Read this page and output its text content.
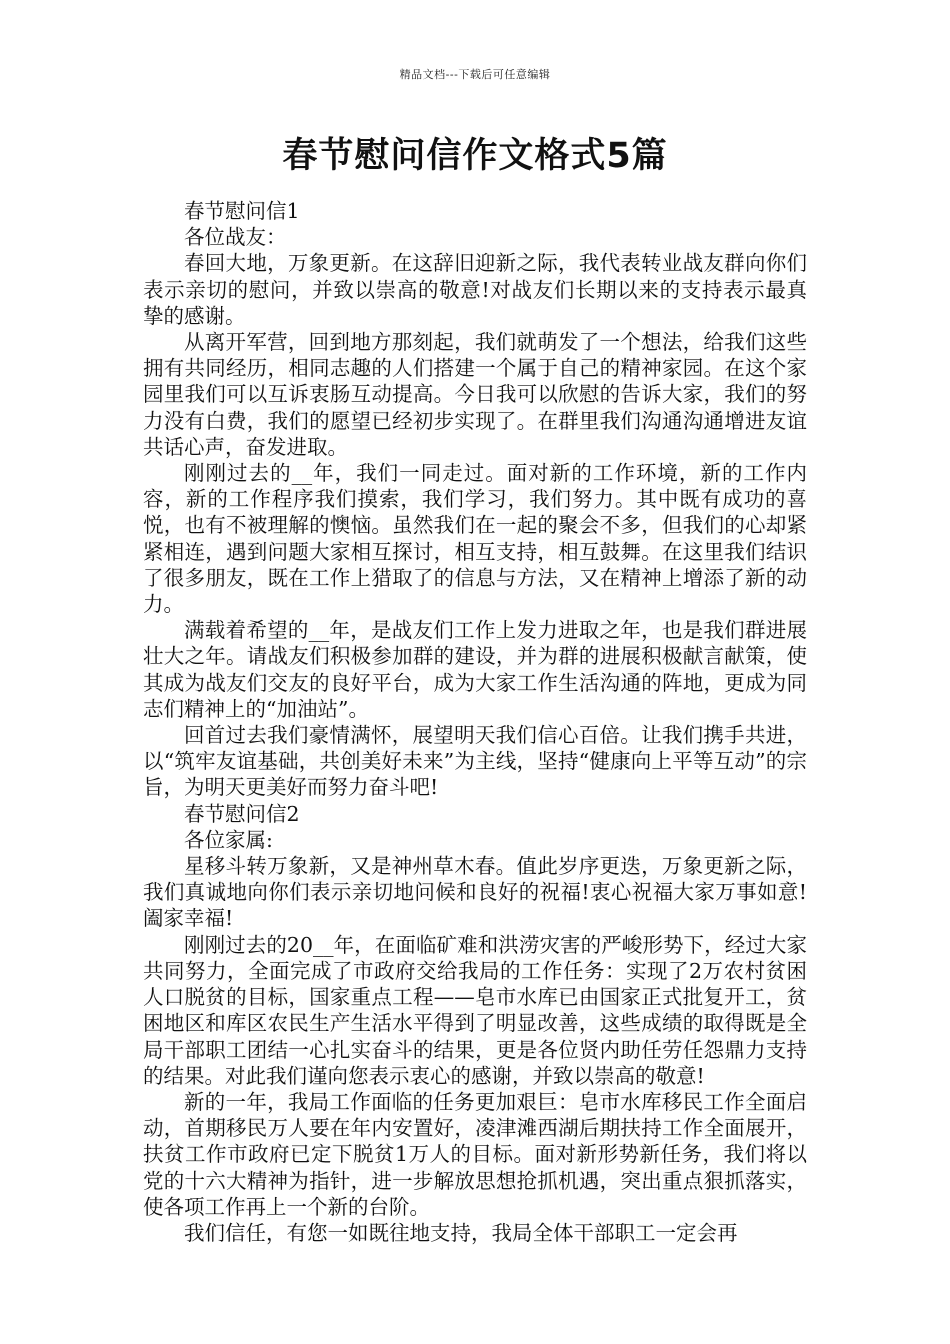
精品文档---下载后可任意编辑
春节慰问信作文格式5篇

春节慰问信1

各位战友：

春回大地，万象更新。在这辞旧迎新之际，我代表转业战友群向你们表示亲切的慰问，并致以崇高的敬意!对战友们长期以来的支持表示最真挚的感谢。

从离开军营，回到地方那刻起，我们就萌发了一个想法，给我们这些拥有共同经历，相同志趣的人们搭建一个属于自己的精神家园。在这个家园里我们可以互诉衷肠互动提高。今日我可以欣慰的告诉大家，我们的努力没有白费，我们的愿望已经初步实现了。在群里我们沟通沟通增进友谊共话心声，奋发进取。

刚刚过去的__年，我们一同走过。面对新的工作环境，新的工作内容，新的工作程序我们摸索，我们学习，我们努力。其中既有成功的喜悦，也有不被理解的懊恼。虽然我们在一起的聚会不多，但我们的心却紧紧相连，遇到问题大家相互探讨，相互支持，相互鼓舞。在这里我们结识了很多朋友，既在工作上猎取了的信息与方法，又在精神上增添了新的动力。

满载着希望的__年，是战友们工作上发力进取之年，也是我们群进展壮大之年。请战友们积极参加群的建设，并为群的进展积极献言献策，使其成为战友们交友的良好平台，成为大家工作生活沟通的阵地，更成为同志们精神上的“加油站”。

回首过去我们豪情满怀，展望明天我们信心百倍。让我们携手共进，以“筑牢友谊基础，共创美好未来”为主线，坚持“健康向上平等互动”的宗旨，为明天更美好而努力奋斗吧!

春节慰问信2

各位家属:

星移斗转万象新，又是神州草木春。值此岁序更迭，万象更新之际，我们真诚地向你们表示亲切地问候和良好的祝福!衷心祝福大家万事如意!阖家幸福!

刚刚过去的20__年，在面临矿难和洪涝灾害的严峻形势下，经过大家共同努力，全面完成了市政府交给我局的工作任务：实现了2万农村贫困人口脱贫的目标，国家重点工程——皂市水库已由国家正式批复开工，贫困地区和库区农民生产生活水平得到了明显改善，这些成绩的取得既是全局干部职工团结一心扎实奋斗的结果，更是各位贤内助任劳任怨鼎力支持的结果。对此我们谨向您表示衷心的感谢，并致以崇高的敬意!

新的一年，我局工作面临的任务更加艰巨：皂市水库移民工作全面启动，首期移民万人要在年内安置好，凌津滩西湖后期扶持工作全面展开，扶贫工作市政府已定下脱贫1万人的目标。面对新形势新任务，我们将以党的十六大精神为指针，进一步解放思想抢抓机遇，突出重点狠抓落实，使各项工作再上一个新的台阶。

我们信任，有您一如既往地支持，我局全体干部职工一定会再
